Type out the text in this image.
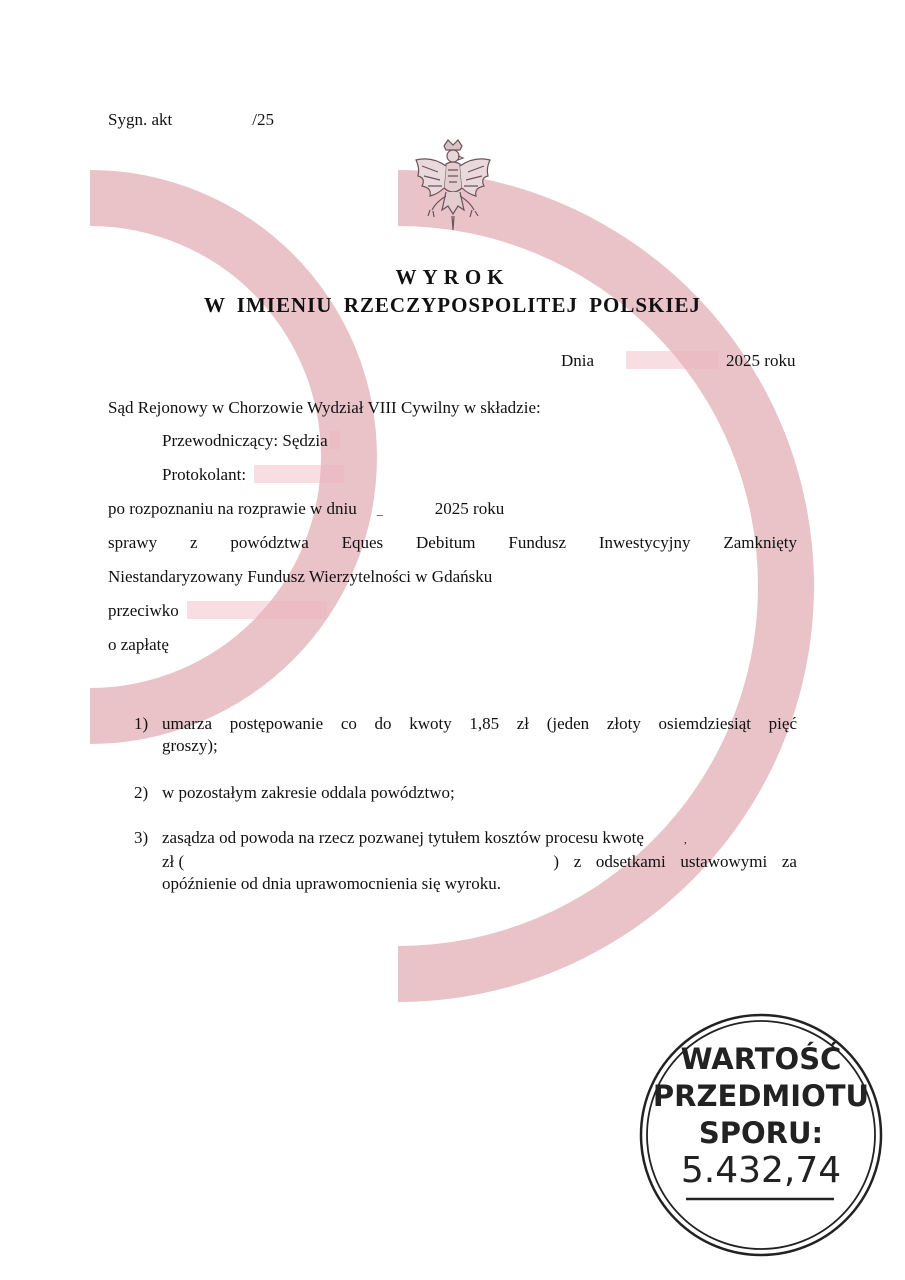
Sygn. akt	/25
WYROK
W IMIENIU RZECZYPOSPOLITEJ POLSKIEJ
Dnia	2025 roku
Sąd Rejonowy w Chorzowie Wydział VIII Cywilny w składzie:
Przewodniczący: Sędzia
Protokolant:
po rozpoznaniu na rozprawie w dniu _	2025 roku
sprawy z powództwa Eques Debitum Fundusz Inwestycyjny Zamknięty
Niestandaryzowany Fundusz Wierzytelności w Gdańsku
przeciwko
o zapłatę
1) umarza postępowanie co do kwoty 1,85 zł (jeden złoty osiemdziesiąt pięć
groszy);
2) w pozostałym zakresie oddala powództwo;
3) zasądza od powoda na rzecz pozwanej tytułem kosztów procesu kwotę	,
zł (	) z odsetkami ustawowymi za
opóźnienie od dnia uprawomocnienia się wyroku.
WARTOŚĆ
PRZEDMIOTU
SPORU:
5.432,74
